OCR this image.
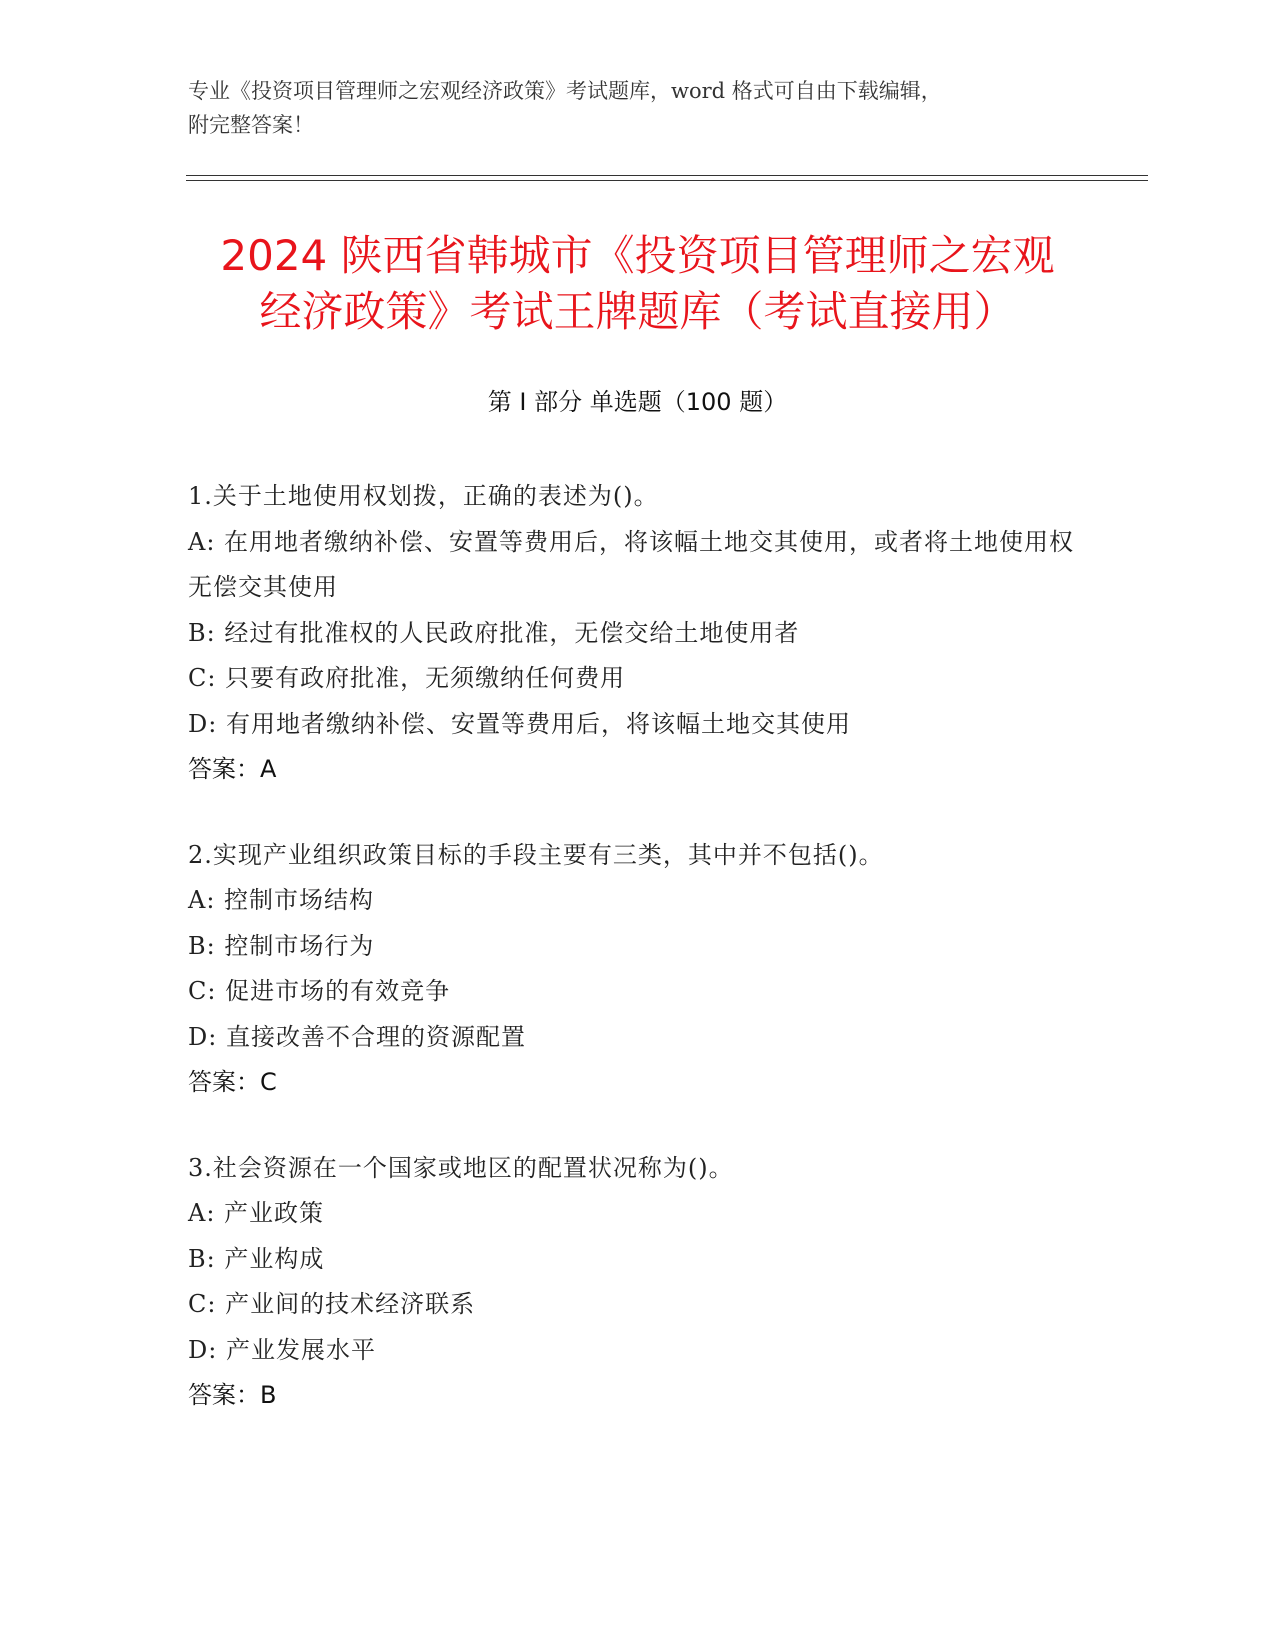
专业《投资项目管理师之宏观经济政策》考试题库，word 格式可自由下载编辑，
附完整答案！
2024 陕西省韩城市《投资项目管理师之宏观
经济政策》考试王牌题库（考试直接用）
第 I 部分 单选题（100 题）
1.关于土地使用权划拨，正确的表述为()。
A: 在用地者缴纳补偿、安置等费用后，将该幅土地交其使用，或者将土地使用权无偿交其使用
B: 经过有批准权的人民政府批准，无偿交给土地使用者
C: 只要有政府批准，无须缴纳任何费用
D: 有用地者缴纳补偿、安置等费用后，将该幅土地交其使用
答案：A
2.实现产业组织政策目标的手段主要有三类，其中并不包括()。
A: 控制市场结构
B: 控制市场行为
C: 促进市场的有效竞争
D: 直接改善不合理的资源配置
答案：C
3.社会资源在一个国家或地区的配置状况称为()。
A: 产业政策
B: 产业构成
C: 产业间的技术经济联系
D: 产业发展水平
答案：B
